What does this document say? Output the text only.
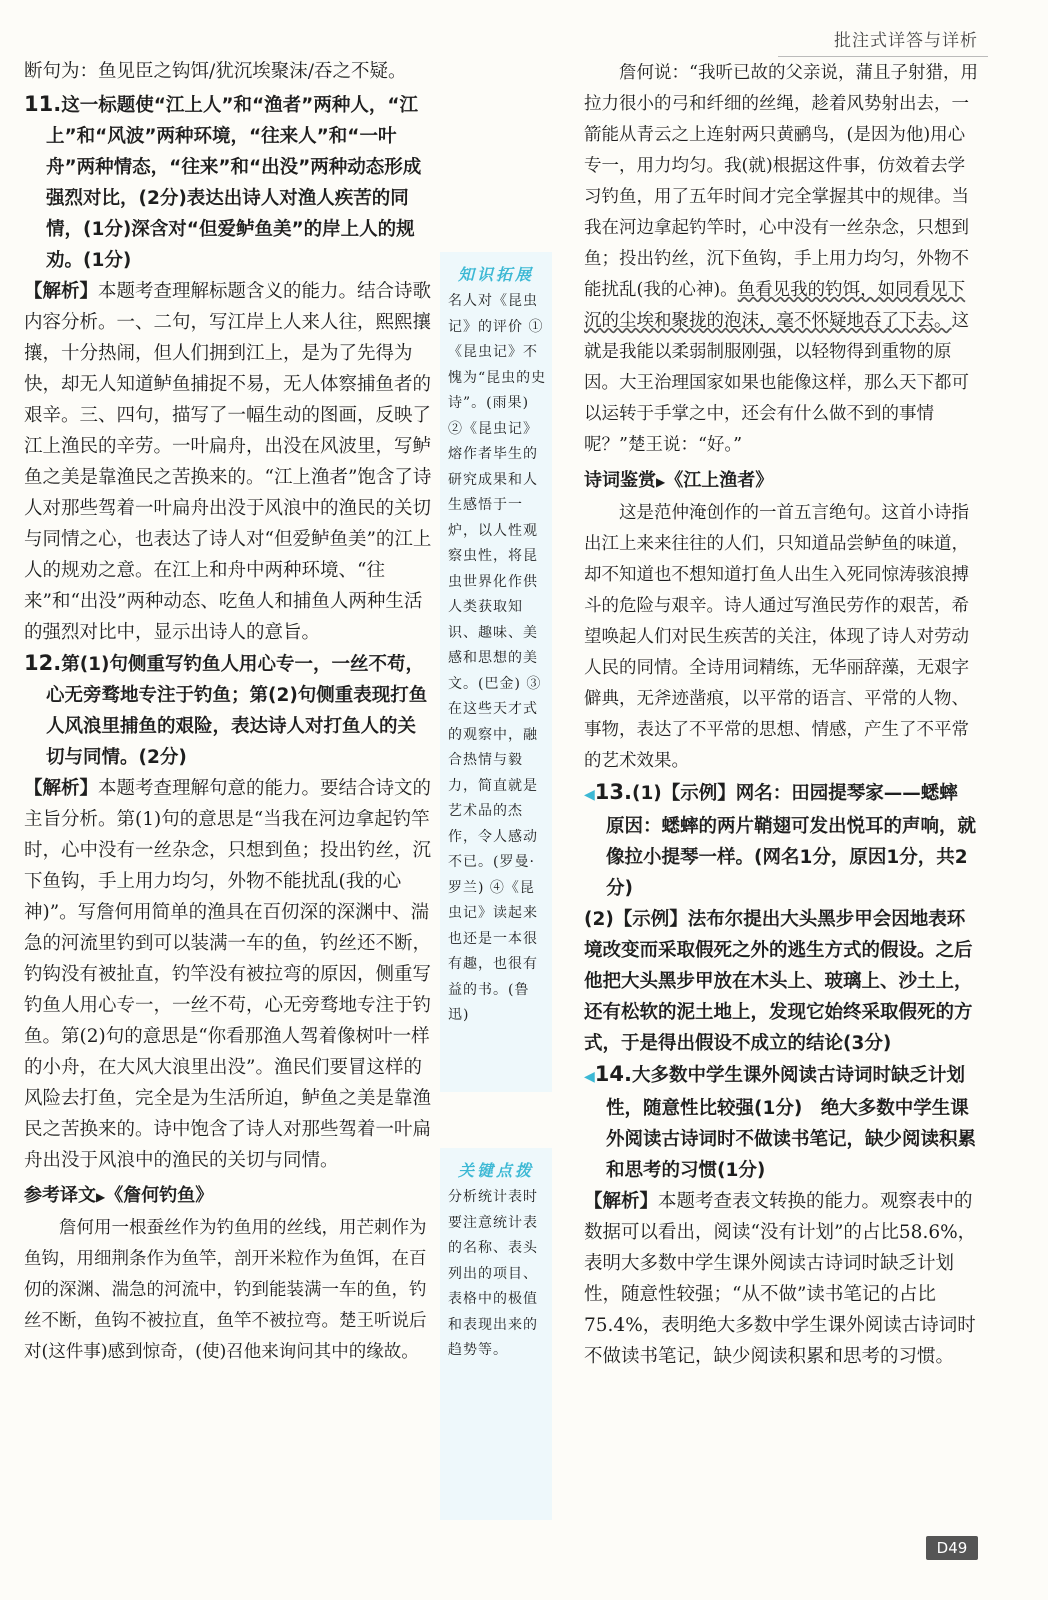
批注式详答与详析

断句为：鱼见臣之钩饵/犹沉埃聚沫/吞之不疑。

11.这一标题使“江上人”和“渔者”两种人，“江上”和“风波”两种环境，“往来人”和“一叶舟”两种情态，“往来”和“出没”两种动态形成强烈对比，(2分)表达出诗人对渔人疾苦的同情，(1分)深含对“但爱鲈鱼美”的岸上人的规劝。(1分)

【解析】本题考查理解标题含义的能力。结合诗歌内容分析。一、二句，写江岸上人来人往，熙熙攘攘，十分热闹，但人们拥到江上，是为了先得为快，却无人知道鲈鱼捕捉不易，无人体察捕鱼者的艰辛。三、四句，描写了一幅生动的图画，反映了江上渔民的辛劳。一叶扁舟，出没在风波里，写鲈鱼之美是靠渔民之苦换来的。“江上渔者”饱含了诗人对那些驾着一叶扁舟出没于风浪中的渔民的关切与同情之心，也表达了诗人对“但爱鲈鱼美”的江上人的规劝之意。在江上和舟中两种环境、“往来”和“出没”两种动态、吃鱼人和捕鱼人两种生活的强烈对比中，显示出诗人的意旨。

12.第(1)句侧重写钓鱼人用心专一，一丝不苟，心无旁骛地专注于钓鱼；第(2)句侧重表现打鱼人风浪里捕鱼的艰险，表达诗人对打鱼人的关切与同情。(2分)

【解析】本题考查理解句意的能力。要结合诗文的主旨分析。第(1)句的意思是“当我在河边拿起钓竿时，心中没有一丝杂念，只想到鱼；投出钓丝，沉下鱼钩，手上用力均匀，外物不能扰乱(我的心神)”。写詹何用简单的渔具在百仞深的深渊中、湍急的河流里钓到可以装满一车的鱼，钓丝还不断，钓钩没有被扯直，钓竿没有被拉弯的原因，侧重写钓鱼人用心专一，一丝不苟，心无旁骛地专注于钓鱼。第(2)句的意思是“你看那渔人驾着像树叶一样的小舟，在大风大浪里出没”。渔民们要冒这样的风险去打鱼，完全是为生活所迫，鲈鱼之美是靠渔民之苦换来的。诗中饱含了诗人对那些驾着一叶扁舟出没于风浪中的渔民的关切与同情。

参考译文▶《詹何钓鱼》

詹何用一根蚕丝作为钓鱼用的丝线，用芒刺作为鱼钩，用细荆条作为鱼竿，剖开米粒作为鱼饵，在百仞的深渊、湍急的河流中，钓到能装满一车的鱼，钓丝不断，鱼钩不被拉直，鱼竿不被拉弯。楚王听说后对(这件事)感到惊奇，(使)召他来询问其中的缘故。

知识拓展
名人对《昆虫记》的评价 ①《昆虫记》不愧为“昆虫的史诗”。(雨果) ②《昆虫记》熔作者毕生的研究成果和人生感悟于一炉，以人性观察虫性，将昆虫世界化作供人类获取知识、趣味、美感和思想的美文。(巴金) ③在这些天才式的观察中，融合热情与毅力，简直就是艺术品的杰作，令人感动不已。(罗曼·罗兰) ④《昆虫记》读起来也还是一本很有趣，也很有益的书。(鲁迅)
关键点拨
分析统计表时要注意统计表的名称、表头列出的项目、表格中的极值和表现出来的趋势等。

詹何说：“我听已故的父亲说，蒲且子射猎，用拉力很小的弓和纤细的丝绳，趁着风势射出去，一箭能从青云之上连射两只黄鹂鸟，(是因为他)用心专一，用力均匀。我(就)根据这件事，仿效着去学习钓鱼，用了五年时间才完全掌握其中的规律。当我在河边拿起钓竿时，心中没有一丝杂念，只想到鱼；投出钓丝，沉下鱼钩，手上用力均匀，外物不能扰乱(我的心神)。鱼看见我的钓饵，如同看见下沉的尘埃和聚拢的泡沫，毫不怀疑地吞了下去。这就是我能以柔弱制服刚强，以轻物得到重物的原因。大王治理国家如果也能像这样，那么天下都可以运转于手掌之中，还会有什么做不到的事情呢？”楚王说：“好。”

诗词鉴赏▶《江上渔者》

这是范仲淹创作的一首五言绝句。这首小诗指出江上来来往往的人们，只知道品尝鲈鱼的味道，却不知道也不想知道打鱼人出生入死同惊涛骇浪搏斗的危险与艰辛。诗人通过写渔民劳作的艰苦，希望唤起人们对民生疾苦的关注，体现了诗人对劳动人民的同情。全诗用词精练，无华丽辞藻，无艰字僻典，无斧迹凿痕，以平常的语言、平常的人物、事物，表达了不平常的思想、情感，产生了不平常的艺术效果。

◀13.(1)【示例】网名：田园提琴家——蟋蟀　原因：蟋蟀的两片鞘翅可发出悦耳的声响，就像拉小提琴一样。(网名1分，原因1分，共2分)

(2)【示例】法布尔提出大头黑步甲会因地表环境改变而采取假死之外的逃生方式的假设。之后他把大头黑步甲放在木头上、玻璃上、沙土上，还有松软的泥土地上，发现它始终采取假死的方式，于是得出假设不成立的结论(3分)

◀14.大多数中学生课外阅读古诗词时缺乏计划性，随意性比较强(1分)　绝大多数中学生课外阅读古诗词时不做读书笔记，缺少阅读积累和思考的习惯(1分)

【解析】本题考查表文转换的能力。观察表中的数据可以看出，阅读“没有计划”的占比58.6%，表明大多数中学生课外阅读古诗词时缺乏计划性，随意性较强；“从不做”读书笔记的占比75.4%，表明绝大多数中学生课外阅读古诗词时不做读书笔记，缺少阅读积累和思考的习惯。

D49
